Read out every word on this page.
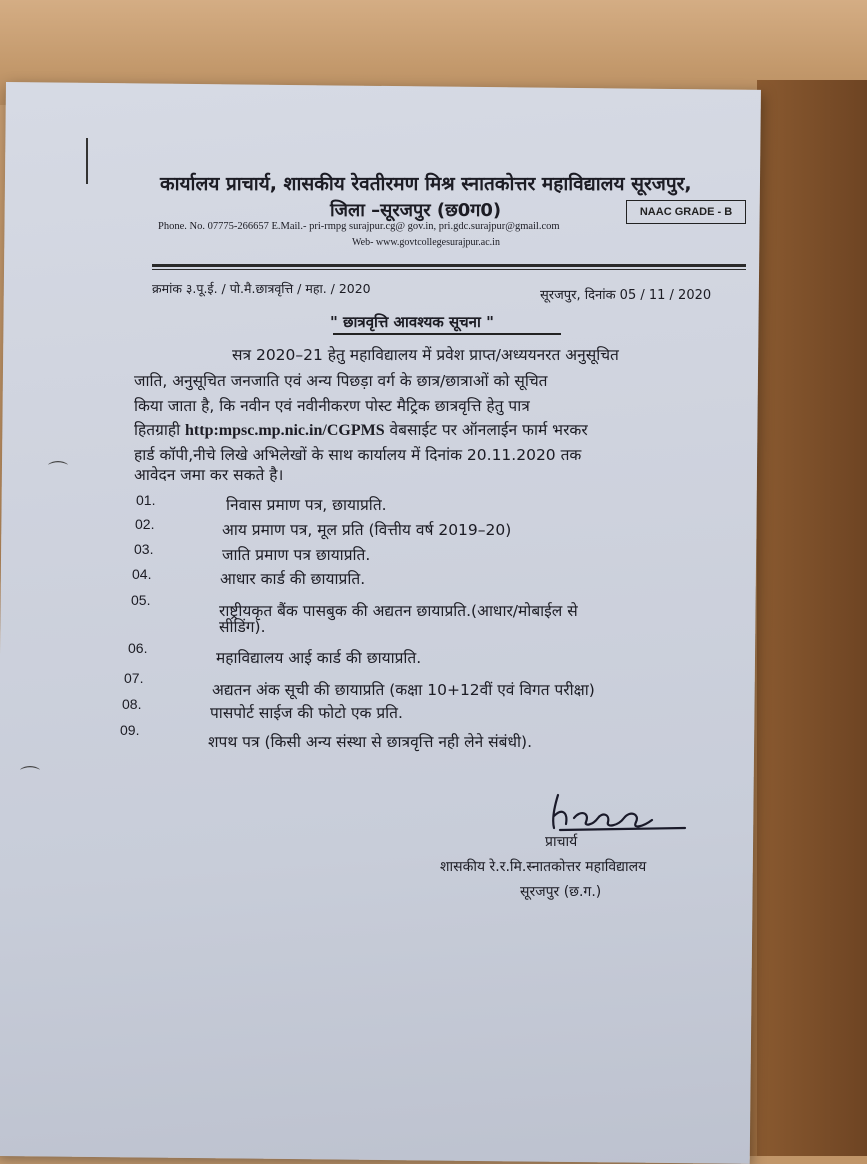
कार्यालय प्राचार्य, शासकीय रेवतीरमण मिश्र स्नातकोत्तर महाविद्यालय सूरजपुर,
जिला –सूरजपुर (छ0ग0)	NAAC GRADE - B
Phone. No. 07775-266657 E.Mail.- pri-rmpg surajpur.cg@ gov.in, pri.gdc.surajpur@gmail.com
Web- www.govtcollegesurajpur.ac.in
क्रमांक ३.पू.ई. / पो.मै.छात्रवृत्ति / महा. / 2020	सूरजपुर, दिनांक 05 / 11 / 2020
" छात्रवृत्ति आवश्यक सूचना "
सत्र 2020–21 हेतु महाविद्यालय में प्रवेश प्राप्त/अध्ययनरत अनुसूचित
जाति, अनुसूचित जनजाति एवं अन्य पिछड़ा वर्ग के छात्र/छात्राओं को सूचित
किया जाता है, कि नवीन एवं नवीनीकरण पोस्ट मैट्रिक छात्रवृत्ति हेतु पात्र
हितग्राही http:mpsc.mp.nic.in/CGPMS वेबसाईट पर ऑनलाईन फार्म भरकर
हार्ड कॉपी,नीचे लिखे अभिलेखों के साथ कार्यालय में दिनांक 20.11.2020 तक
आवेदन जमा कर सकते है।
01.	निवास प्रमाण पत्र, छायाप्रति.
02.	आय प्रमाण पत्र, मूल प्रति (वित्तीय वर्ष 2019–20)
03.	जाति प्रमाण पत्र छायाप्रति.
04.	आधार कार्ड की छायाप्रति.
05.
राष्ट्रीयकृत बैंक पासबुक की अद्यतन छायाप्रति.(आधार/मोबाईल से
सीडिंग).
06.
महाविद्यालय आई कार्ड की छायाप्रति.
07.
अद्यतन अंक सूची की छायाप्रति (कक्षा 10+12वीं एवं विगत परीक्षा)
08.	पासपोर्ट साईज की फोटो एक प्रति.
09.
शपथ पत्र (किसी अन्य संस्था से छात्रवृत्ति नही लेने संबंधी).
प्राचार्य
शासकीय रे.र.मि.स्नातकोत्तर महाविद्यालय
सूरजपुर (छ.ग.)
⌒
⌒
